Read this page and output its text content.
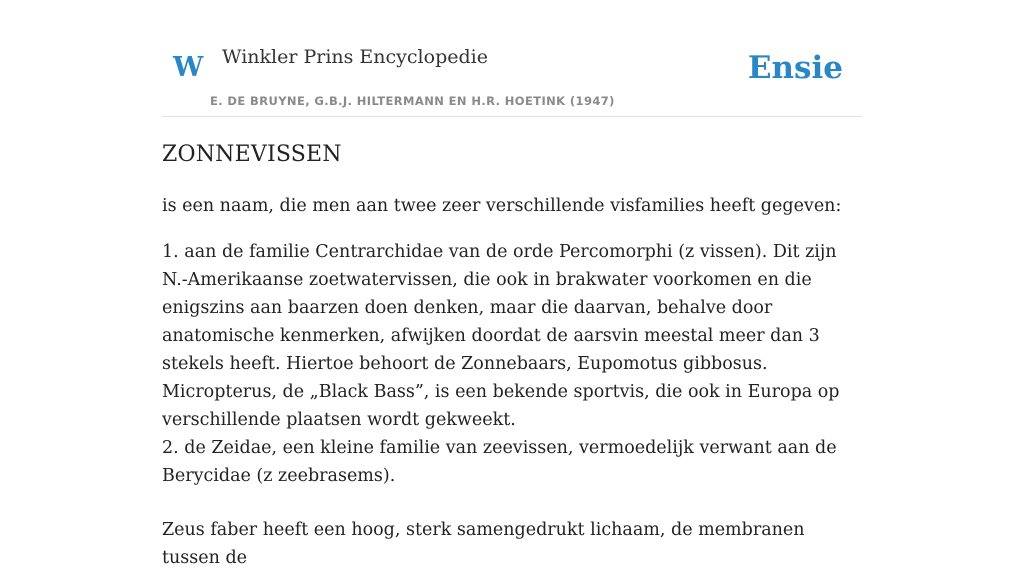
W Winkler Prins Encyclopedie
E. DE BRUYNE, G.B.J. HILTERMANN EN H.R. HOETINK (1947)
Ensie
ZONNEVISSEN

is een naam, die men aan twee zeer verschillende visfamilies heeft gegeven:

1. aan de familie Centrarchidae van de orde Percomorphi (z vissen). Dit zijn N.-Amerikaanse zoetwatervissen, die ook in brakwater voorkomen en die enigszins aan baarzen doen denken, maar die daarvan, behalve door anatomische kenmerken, afwijken doordat de aarsvin meestal meer dan 3 stekels heeft. Hiertoe behoort de Zonnebaars, Eupomotus gibbosus. Micropterus, de „Black Bass”, is een bekende sportvis, die ook in Europa op verschillende plaatsen wordt gekweekt.

2. de Zeidae, een kleine familie van zeevissen, vermoedelijk verwant aan de Berycidae (z zeebrasems).

Zeus faber heeft een hoog, sterk samengedrukt lichaam, de membranen tussen de
